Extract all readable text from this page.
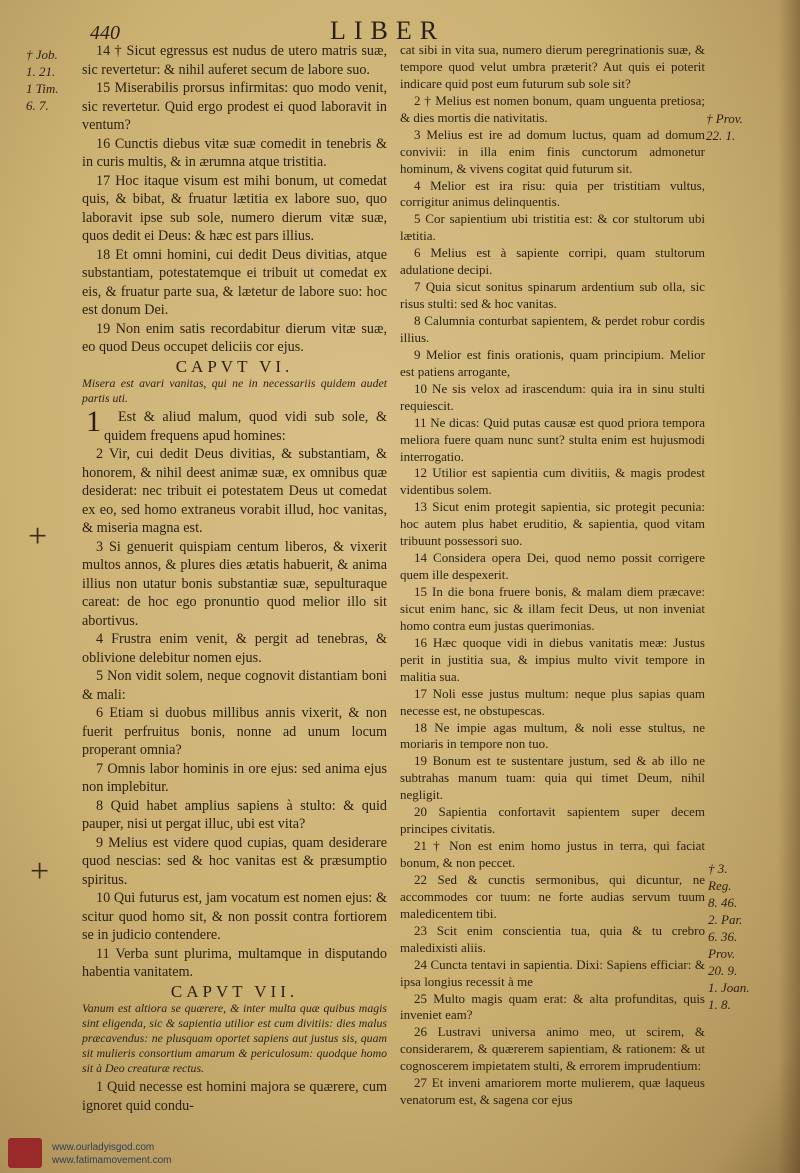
440	LIBER
† Job.
1. 21.
1 Tim.
6. 7.
† Prov.
22. 1.
† 3.
Reg.
8. 46.
2. Par.
6. 36.
Prov.
20. 9.
1. Joan.
1. 8.
+
+

14 † Sicut egressus est nudus de utero matris suæ, sic revertetur: & nihil auferet secum de labore suo.

15 Miserabilis prorsus infirmitas: quo modo venit, sic revertetur. Quid ergo prodest ei quod laboravit in ventum?

16 Cunctis diebus vitæ suæ comedit in tenebris & in curis multis, & in ærumna atque tristitia.

17 Hoc itaque visum est mihi bonum, ut comedat quis, & bibat, & fruatur lætitia ex labore suo, quo laboravit ipse sub sole, numero dierum vitæ suæ, quos dedit ei Deus: & hæc est pars illius.

18 Et omni homini, cui dedit Deus divitias, atque substantiam, potestatemque ei tribuit ut comedat ex eis, & fruatur parte sua, & lætetur de labore suo: hoc est donum Dei.

19 Non enim satis recordabitur dierum vitæ suæ, eo quod Deus occupet deliciis cor ejus.

CAPVT VI.

Misera est avari vanitas, qui ne in necessariis quidem audet partis uti.

1Est & aliud malum, quod vidi sub sole, & quidem frequens apud homines:

2 Vir, cui dedit Deus divitias, & substantiam, & honorem, & nihil deest animæ suæ, ex omnibus quæ desiderat: nec tribuit ei potestatem Deus ut comedat ex eo, sed homo extraneus vorabit illud, hoc vanitas, & miseria magna est.

3 Si genuerit quispiam centum liberos, & vixerit multos annos, & plures dies ætatis habuerit, & anima illius non utatur bonis substantiæ suæ, sepulturaque careat: de hoc ego pronuntio quod melior illo sit abortivus.

4 Frustra enim venit, & pergit ad tenebras, & oblivione delebitur nomen ejus.

5 Non vidit solem, neque cognovit distantiam boni & mali:

6 Etiam si duobus millibus annis vixerit, & non fuerit perfruitus bonis, nonne ad unum locum properant omnia?

7 Omnis labor hominis in ore ejus: sed anima ejus non implebitur.

8 Quid habet amplius sapiens à stulto: & quid pauper, nisi ut pergat illuc, ubi est vita?

9 Melius est videre quod cupias, quam desiderare quod nescias: sed & hoc vanitas est & præsumptio spiritus.

10 Qui futurus est, jam vocatum est nomen ejus: & scitur quod homo sit, & non possit contra fortiorem se in judicio contendere.

11 Verba sunt plurima, multamque in disputando habentia vanitatem.

CAPVT VII.

Vanum est altiora se quærere, & inter multa quæ quibus magis sint eligenda, sic & sapientia utilior est cum divitiis: dies malus præcavendus: ne plusquam oportet sapiens aut justus sis, quam sit mulieris consortium amarum & periculosum: quodque homo sit à Deo creaturæ rectus.

1 Quid necesse est homini majora se quærere, cum ignoret quid condu-

cat sibi in vita sua, numero dierum peregrinationis suæ, & tempore quod velut umbra præterit? Aut quis ei poterit indicare quid post eum futurum sub sole sit?

2 † Melius est nomen bonum, quam unguenta pretiosa; & dies mortis die nativitatis.

3 Melius est ire ad domum luctus, quam ad domum convivii: in illa enim finis cunctorum admonetur hominum, & vivens cogitat quid futurum sit.

4 Melior est ira risu: quia per tristitiam vultus, corrigitur animus delinquentis.

5 Cor sapientium ubi tristitia est: & cor stultorum ubi lætitia.

6 Melius est à sapiente corripi, quam stultorum adulatione decipi.

7 Quia sicut sonitus spinarum ardentium sub olla, sic risus stulti: sed & hoc vanitas.

8 Calumnia conturbat sapientem, & perdet robur cordis illius.

9 Melior est finis orationis, quam principium. Melior est patiens arrogante,

10 Ne sis velox ad irascendum: quia ira in sinu stulti requiescit.

11 Ne dicas: Quid putas causæ est quod priora tempora meliora fuere quam nunc sunt? stulta enim est hujusmodi interrogatio.

12 Utilior est sapientia cum divitiis, & magis prodest videntibus solem.

13 Sicut enim protegit sapientia, sic protegit pecunia: hoc autem plus habet eruditio, & sapientia, quod vitam tribuunt possessori suo.

14 Considera opera Dei, quod nemo possit corrigere quem ille despexerit.

15 In die bona fruere bonis, & malam diem præcave: sicut enim hanc, sic & illam fecit Deus, ut non inveniat homo contra eum justas querimonias.

16 Hæc quoque vidi in diebus vanitatis meæ: Justus perit in justitia sua, & impius multo vivit tempore in malitia sua.

17 Noli esse justus multum: neque plus sapias quam necesse est, ne obstupescas.

18 Ne impie agas multum, & noli esse stultus, ne moriaris in tempore non tuo.

19 Bonum est te sustentare justum, sed & ab illo ne subtrahas manum tuam: quia qui timet Deum, nihil negligit.

20 Sapientia confortavit sapientem super decem principes civitatis.

21 † Non est enim homo justus in terra, qui faciat bonum, & non peccet.

22 Sed & cunctis sermonibus, qui dicuntur, ne accommodes cor tuum: ne forte audias servum tuum maledicentem tibi.

23 Scit enim conscientia tua, quia & tu crebro maledixisti aliis.

24 Cuncta tentavi in sapientia. Dixi: Sapiens efficiar: & ipsa longius recessit à me

25 Multo magis quam erat: & alta profunditas, quis inveniet eam?

26 Lustravi universa animo meo, ut scirem, & considerarem, & quærerem sapientiam, & rationem: & ut cognoscerem impietatem stulti, & errorem imprudentium:

27 Et inveni amariorem morte mulierem, quæ laqueus venatorum est, & sagena cor ejus

www.ourladyisgod.com
www.fatimamovement.com
